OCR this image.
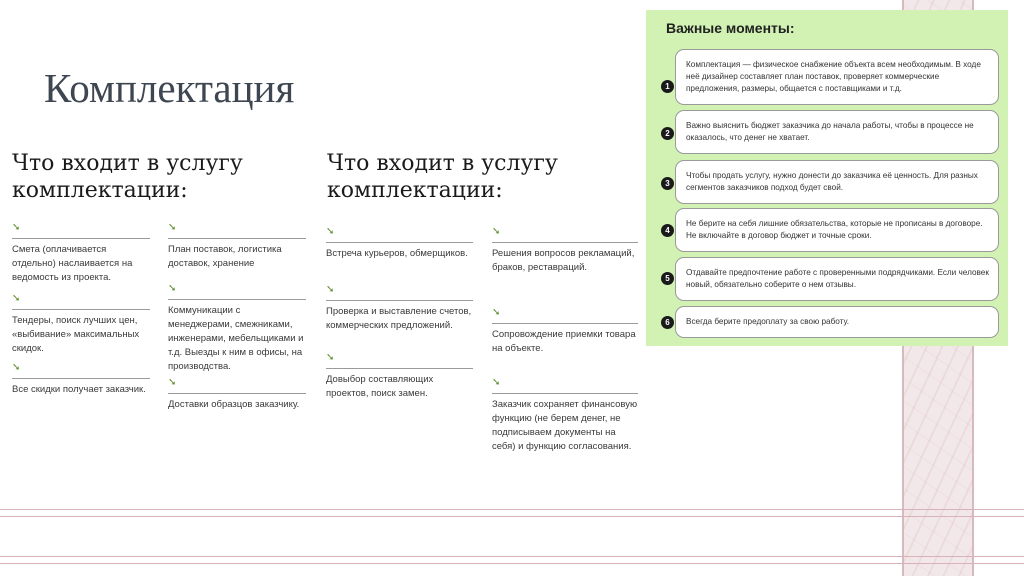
Комплектация
Что входит в услугу комплектации:
Что входит в услугу комплектации:
➘
Смета (оплачивается отдельно) наслаивается на ведомость из проекта.
➘
План поставок, логистика доставок, хранение
➘
Тендеры, поиск лучших цен, «выбивание» максимальных скидок.
➘
Коммуникации с менеджерами, смежниками, инженерами, мебельщиками и т.д. Выезды к ним в офисы, на производства.
➘
Все скидки получает заказчик.
➘
Доставки образцов заказчику.
➘
Встреча курьеров, обмерщиков.
➘
Решения вопросов рекламаций, браков, реставраций.
➘
Проверка и выставление счетов, коммерческих предложений.
➘
Сопровождение приемки товара на объекте.
➘
Довыбор составляющих проектов, поиск замен.
➘
Заказчик сохраняет финансовую функцию (не берем денег, не подписываем документы на себя) и функцию согласования.
Важные моменты:
1
Комплектация — физическое снабжение объекта всем необходимым. В ходе неё дизайнер составляет план поставок, проверяет коммерческие предложения, размеры, общается с поставщиками и т.д.
2
Важно выяснить бюджет заказчика до начала работы, чтобы в процессе не оказалось, что денег не хватает.
3
Чтобы продать услугу, нужно донести до заказчика её ценность. Для разных сегментов заказчиков подход будет свой.
4
Не берите на себя лишние обязательства, которые не прописаны в договоре. Не включайте в договор бюджет и точные сроки.
5
Отдавайте предпочтение работе с проверенными подрядчиками. Если человек новый, обязательно соберите о нем отзывы.
6	Всегда берите предоплату за свою работу.
